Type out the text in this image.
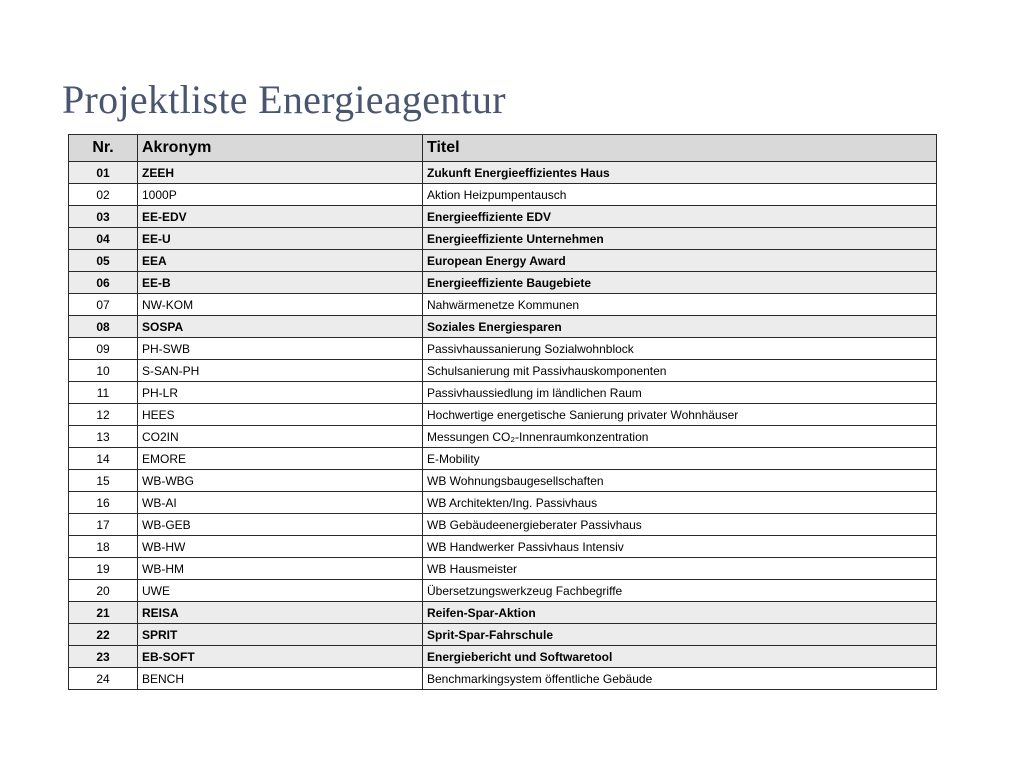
Projektliste Energieagentur
Nr.	Akronym	Titel
01	ZEEH	Zukunft Energieeffizientes Haus
02	1000P	Aktion Heizpumpentausch
03	EE-EDV	Energieeffiziente EDV
04	EE-U	Energieeffiziente Unternehmen
05	EEA	European Energy Award
06	EE-B	Energieeffiziente Baugebiete
07	NW-KOM	Nahwärmenetze Kommunen
08	SOSPA	Soziales Energiesparen
09	PH-SWB	Passivhaussanierung Sozialwohnblock
10	S-SAN-PH	Schulsanierung mit Passivhauskomponenten
11	PH-LR	Passivhaussiedlung im ländlichen Raum
12	HEES	Hochwertige energetische Sanierung privater Wohnhäuser
13	CO2IN	Messungen CO₂-Innenraumkonzentration
14	EMORE	E-Mobility
15	WB-WBG	WB Wohnungsbaugesellschaften
16	WB-AI	WB Architekten/Ing. Passivhaus
17	WB-GEB	WB Gebäudeenergieberater Passivhaus
18	WB-HW	WB Handwerker Passivhaus Intensiv
19	WB-HM	WB Hausmeister
20	UWE	Übersetzungswerkzeug Fachbegriffe
21	REISA	Reifen-Spar-Aktion
22	SPRIT	Sprit-Spar-Fahrschule
23	EB-SOFT	Energiebericht und Softwaretool
24	BENCH	Benchmarkingsystem öffentliche Gebäude
